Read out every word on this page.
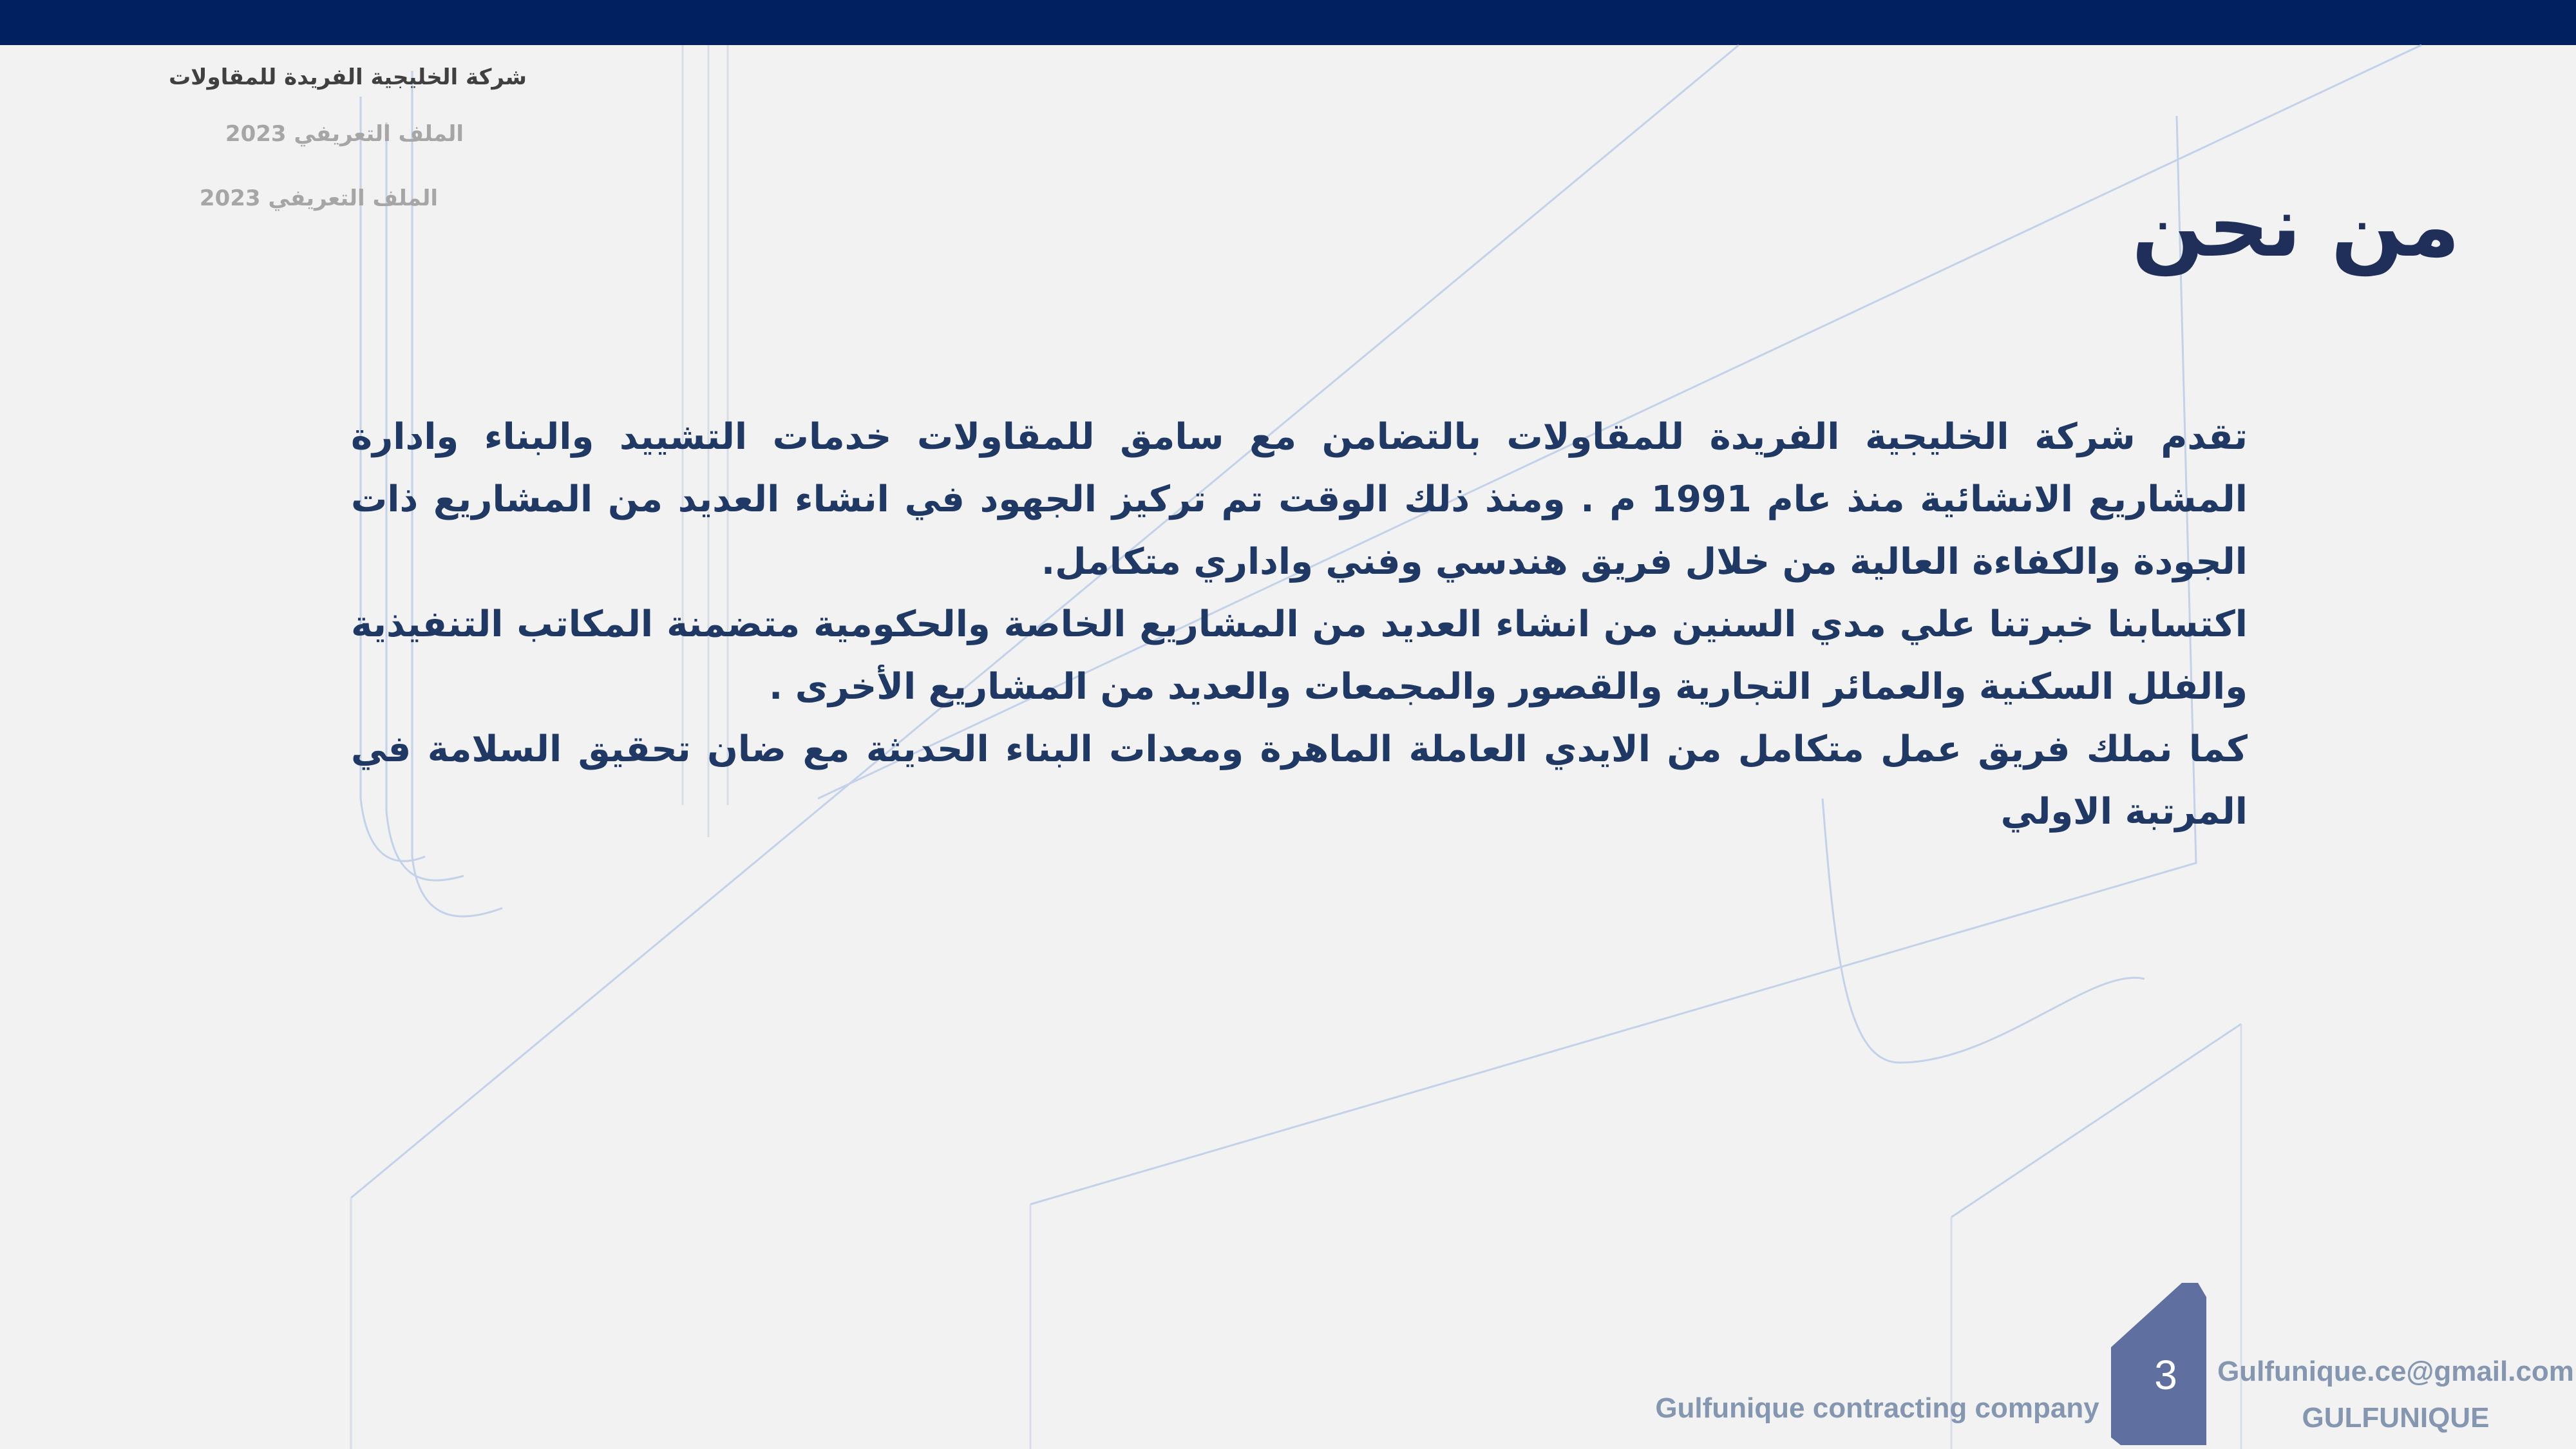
شركة الخليجية الفريدة للمقاولات
الملف التعريفي 2023
الملف التعريفي 2023	من نحن

تقدم شركة الخليجية الفريدة للمقاولات بالتضامن مع سامق للمقاولات خدمات التشييد والبناء وادارة المشاريع الانشائية منذ عام 1991 م . ومنذ ذلك الوقت تم تركيز الجهود في انشاء العديد من المشاريع ذات الجودة والكفاءة العالية من خلال فريق هندسي وفني واداري متكامل.

اكتسابنا خبرتنا علي مدي السنين من انشاء العديد من المشاريع الخاصة والحكومية متضمنة المكاتب التنفيذية والفلل السكنية والعمائر التجارية والقصور والمجمعات والعديد من المشاريع الأخرى .

كما نملك فريق عمل متكامل من الايدي العاملة الماهرة ومعدات البناء الحديثة مع ضان تحقيق السلامة في المرتبة الاولي

3
Gulfunique contracting company
Gulfunique.ce@gmail.com
GULFUNIQUE
